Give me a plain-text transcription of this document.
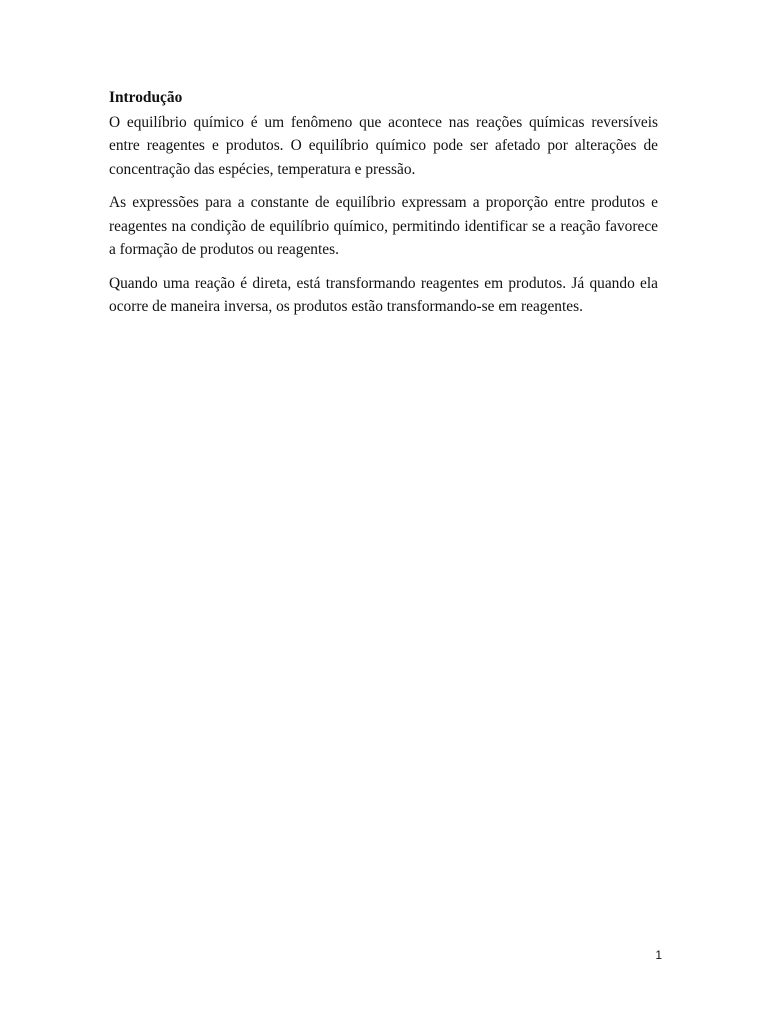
Introdução

O equilíbrio químico é um fenômeno que acontece nas reações químicas reversíveis entre reagentes e produtos. O equilíbrio químico pode ser afetado por alterações de concentração das espécies, temperatura e pressão.

As expressões para a constante de equilíbrio expressam a proporção entre produtos e reagentes na condição de equilíbrio químico, permitindo identificar se a reação favorece a formação de produtos ou reagentes.

Quando uma reação é direta, está transformando reagentes em produtos. Já quando ela ocorre de maneira inversa, os produtos estão transformando-se em reagentes.

1
